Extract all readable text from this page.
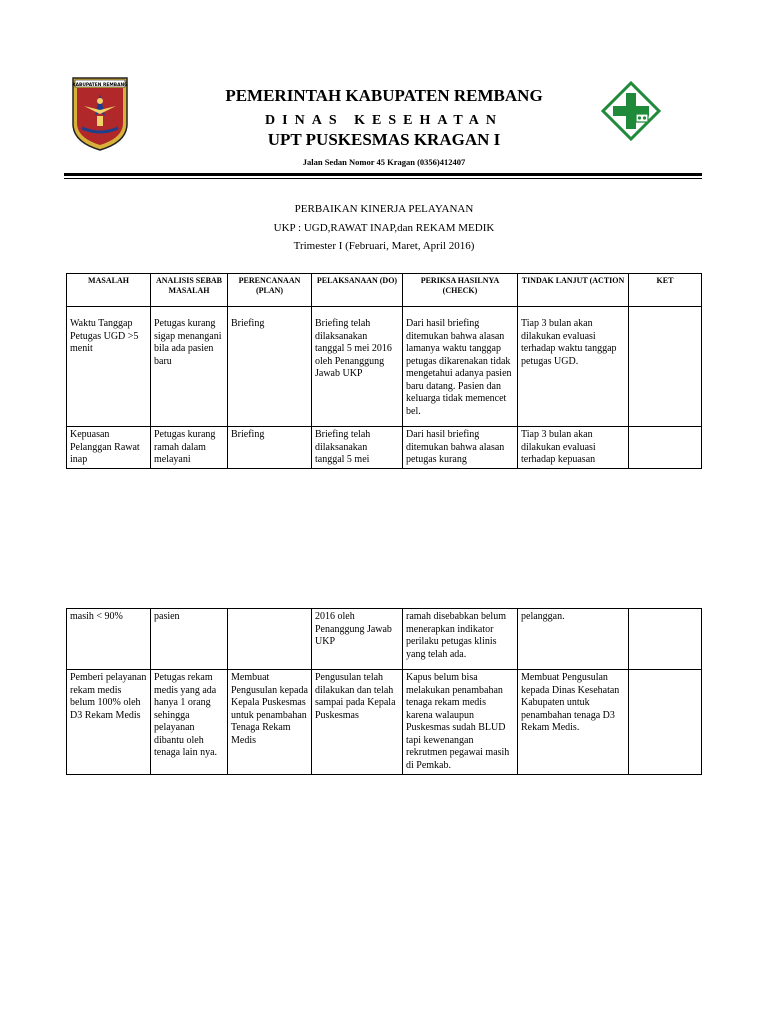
KABUPATEN REMBANG
PEMERINTAH KABUPATEN REMBANG
DINAS KESEHATAN
UPT PUSKESMAS KRAGAN I
Jalan Sedan Nomor 45 Kragan (0356)412407
PERBAIKAN KINERJA PELAYANAN
UKP : UGD,RAWAT INAP,dan REKAM MEDIK
Trimester I (Februari, Maret, April 2016)
MASALAH	ANALISIS SEBAB MASALAH	PERENCANAAN (PLAN)	PELAKSANAAN (DO)	PERIKSA HASILNYA (CHECK)	TINDAK LANJUT (ACTION	KET
Waktu Tanggap Petugas UGD >5 menit	Petugas kurang sigap menangani bila ada pasien baru	Briefing	Briefing telah dilaksanakan tanggal 5 mei 2016 oleh Penanggung Jawab UKP	Dari hasil briefing ditemukan bahwa alasan lamanya waktu tanggap petugas dikarenakan tidak mengetahui adanya pasien baru datang. Pasien dan keluarga tidak memencet bel.	Tiap 3 bulan akan dilakukan evaluasi terhadap waktu tanggap petugas UGD.	
Kepuasan Pelanggan Rawat inap	Petugas kurang ramah dalam melayani	Briefing	Briefing telah dilaksanakan tanggal 5 mei	Dari hasil briefing ditemukan bahwa alasan petugas kurang	Tiap 3 bulan akan dilakukan evaluasi terhadap kepuasan	
masih < 90%	pasien		2016 oleh Penanggung Jawab UKP	ramah disebabkan belum menerapkan indikator perilaku petugas klinis yang telah ada.	pelanggan.	
Pemberi pelayanan rekam medis belum 100% oleh D3 Rekam Medis	Petugas rekam medis yang ada hanya 1 orang sehingga pelayanan dibantu oleh tenaga lain nya.	Membuat Pengusulan kepada Kepala Puskesmas untuk penambahan Tenaga Rekam Medis	Pengusulan telah dilakukan dan telah sampai pada Kepala Puskesmas	Kapus belum bisa melakukan penambahan tenaga rekam medis karena walaupun Puskesmas sudah BLUD tapi kewenangan rekrutmen pegawai masih di Pemkab.	Membuat Pengusulan kepada Dinas Kesehatan Kabupaten untuk penambahan tenaga D3 Rekam Medis.	
